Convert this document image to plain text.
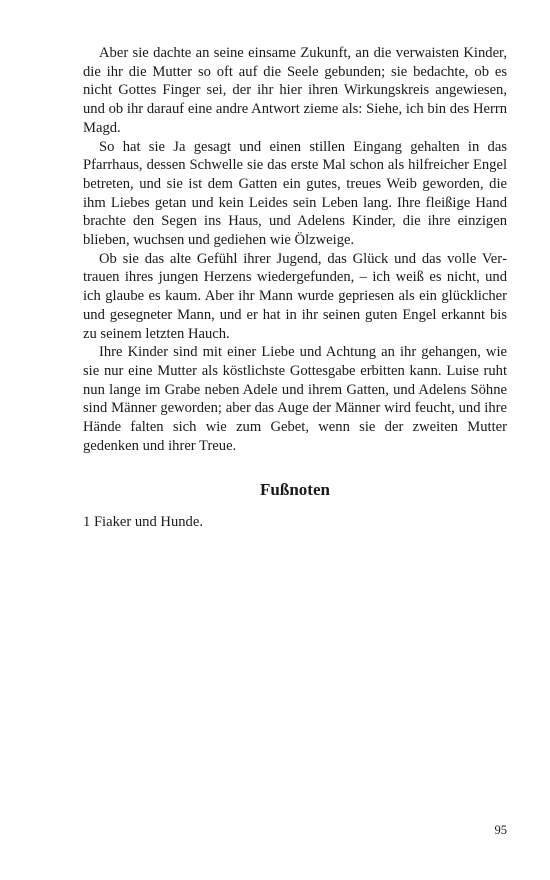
Aber sie dachte an seine einsame Zukunft, an die verwaisten Kinder, die ihr die Mutter so oft auf die Seele gebunden; sie bedachte, ob es nicht Gottes Finger sei, der ihr hier ihren Wirkungskreis angewiesen, und ob ihr darauf eine andre Antwort zieme als: Siehe, ich bin des Herrn Magd.

So hat sie Ja gesagt und einen stillen Eingang gehalten in das Pfarrhaus, dessen Schwelle sie das erste Mal schon als hilfreicher Engel betreten, und sie ist dem Gatten ein gutes, treues Weib geworden, die ihm Liebes getan und kein Leides sein Leben lang. Ihre fleißige Hand brachte den Segen ins Haus, und Adelens Kinder, die ihre einzigen blieben, wuchsen und gediehen wie Ölzweige.

Ob sie das alte Gefühl ihrer Jugend, das Glück und das volle Vertrauen ihres jungen Herzens wiedergefunden, – ich weiß es nicht, und ich glaube es kaum. Aber ihr Mann wurde gepriesen als ein glücklicher und gesegneter Mann, und er hat in ihr seinen guten Engel erkannt bis zu seinem letzten Hauch.

Ihre Kinder sind mit einer Liebe und Achtung an ihr gehangen, wie sie nur eine Mutter als köstlichste Gottesgabe erbitten kann. Luise ruht nun lange im Grabe neben Adele und ihrem Gatten, und Adelens Söhne sind Männer geworden; aber das Auge der Männer wird feucht, und ihre Hände falten sich wie zum Gebet, wenn sie der zweiten Mutter gedenken und ihrer Treue.

Fußnoten

1 Fiaker und Hunde.

95
